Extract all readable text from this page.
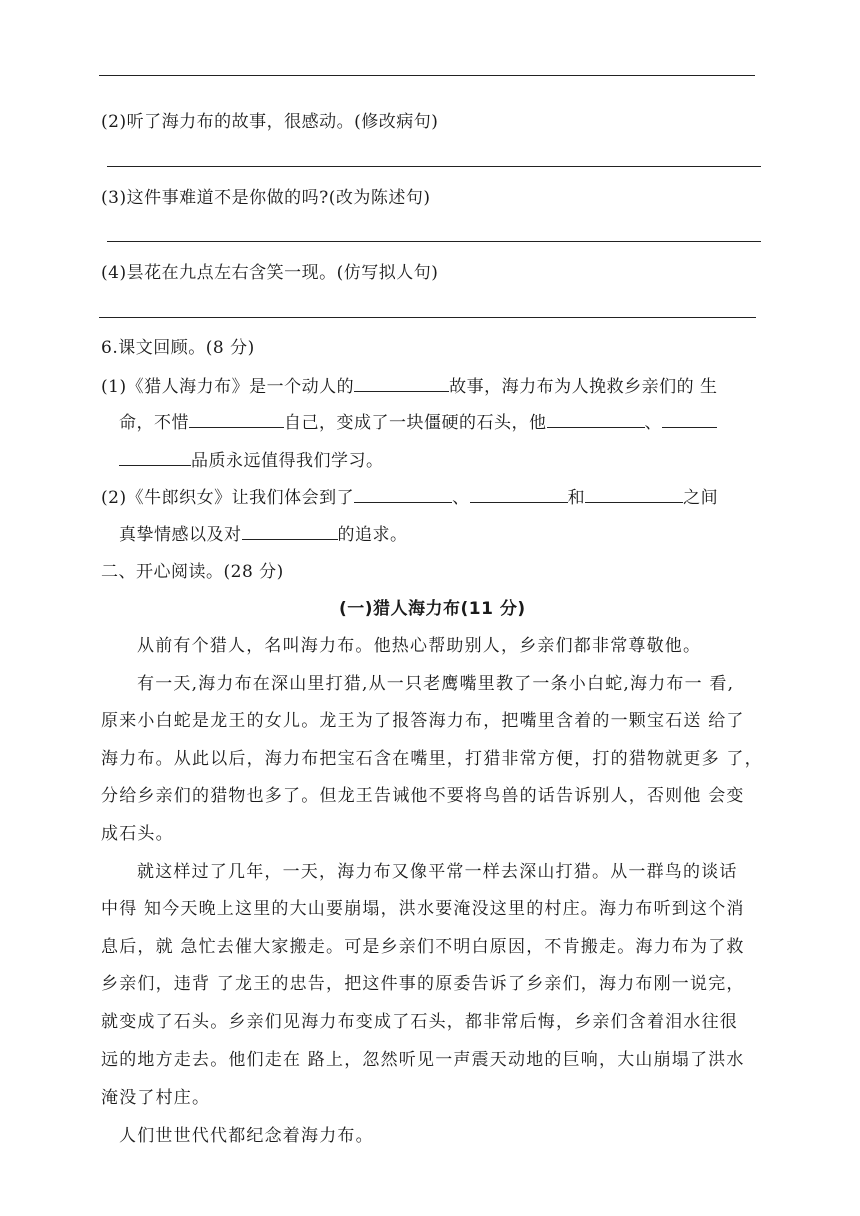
(2)听了海力布的故事，很感动。(修改病句)
(3)这件事难道不是你做的吗?(改为陈述句)
(4)昙花在九点左右含笑一现。(仿写拟人句)
6.课文回顾。(8 分)
(1)《猎人海力布》是一个动人的	故事，海力布为人挽救乡亲们的 生
命，不惜	自己，变成了一块僵硬的石头，他	、
品质永远值得我们学习。
(2)《牛郎织女》让我们体会到了	、	和	之间
真挚情感以及对	的追求。
二、开心阅读。(28 分)
(一)猎人海力布(11 分)
从前有个猎人，名叫海力布。他热心帮助别人，乡亲们都非常尊敬他。
有一天,海力布在深山里打猎,从一只老鹰嘴里教了一条小白蛇,海力布一 看,
原来小白蛇是龙王的女儿。龙王为了报答海力布，把嘴里含着的一颗宝石送 给了
海力布。从此以后，海力布把宝石含在嘴里，打猎非常方便，打的猎物就更多 了，
分给乡亲们的猎物也多了。但龙王告诫他不要将鸟兽的话告诉别人，否则他 会变
成石头。
就这样过了几年，一天，海力布又像平常一样去深山打猎。从一群鸟的谈话
中得 知今天晚上这里的大山要崩塌，洪水要淹没这里的村庄。海力布听到这个消
息后，就 急忙去催大家搬走。可是乡亲们不明白原因，不肯搬走。海力布为了救
乡亲们，违背 了龙王的忠告，把这件事的原委告诉了乡亲们，海力布刚一说完，
就变成了石头。乡亲们见海力布变成了石头，都非常后悔，乡亲们含着泪水往很
远的地方走去。他们走在 路上，忽然听见一声震天动地的巨响，大山崩塌了洪水
淹没了村庄。
人们世世代代都纪念着海力布。
